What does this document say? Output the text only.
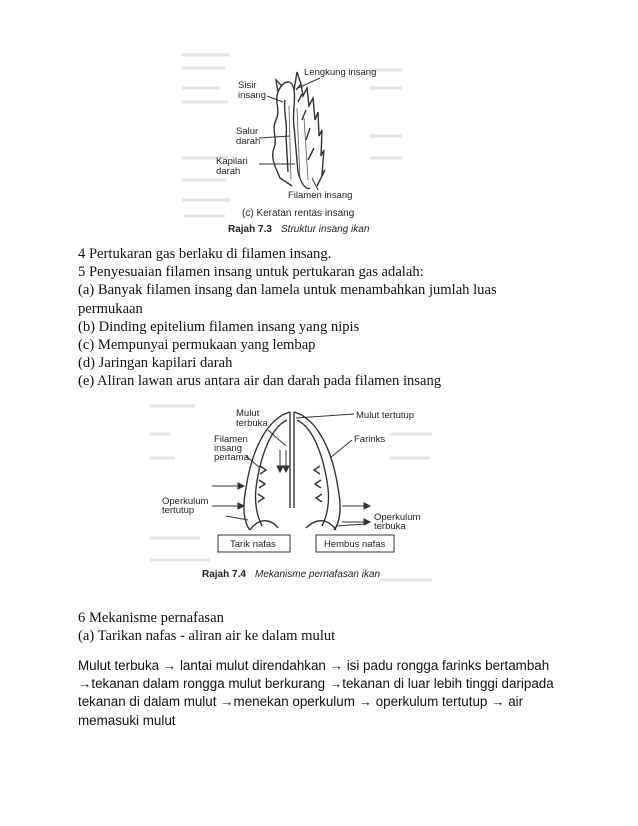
Lengkung insang
Sisir
insang
Salur
darah
Kapilari
darah
Filamen insang
(c) Keratan rentas insang
Rajah 7.3 Struktur insang ikan
4 Pertukaran gas berlaku di filamen insang.
5 Penyesuaian filamen insang untuk pertukaran gas adalah:
(a) Banyak filamen insang dan lamela untuk menambahkan jumlah luas
permukaan
(b) Dinding epitelium filamen insang yang nipis
(c) Mempunyai permukaan yang lembap
(d) Jaringan kapilari darah
(e) Aliran lawan arus antara air dan darah pada filamen insang
Mulut
terbuka
Mulut tertutup
Filamen
insang
pertama
Farinks
Operkulum
tertutup
Operkulum
terbuka
Tarik nafas	Hembus nafas
Rajah 7.4 Mekanisme pernafasan ikan
6 Mekanisme pernafasan
(a) Tarikan nafas - aliran air ke dalam mulut
Mulut terbuka → lantai mulut direndahkan → isi padu rongga farinks bertambah
→tekanan dalam rongga mulut berkurang →tekanan di luar lebih tinggi daripada
tekanan di dalam mulut →menekan operkulum → operkulum tertutup → air
memasuki mulut
